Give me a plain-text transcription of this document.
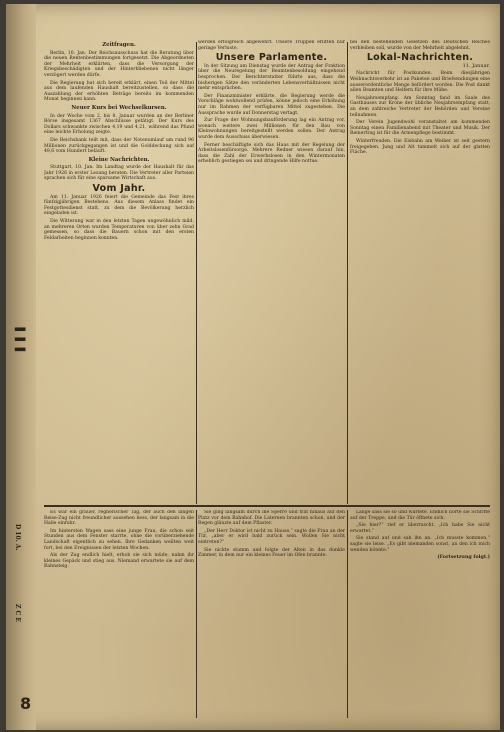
▐ ▐ ▐
D 10. A.
Z C E
8
Zeitfragen.

Berlin, 10. Jan. Der Reichsausschuss hat die Beratung über die neuen Rentenbestimmungen fortgesetzt. Die Abgeordneten der Mehrheit erklärten, dass die Versorgung der Kriegsbeschädigten und der Hinterbliebenen nicht länger verzögert werden dürfe.

Die Regierung hat sich bereit erklärt, einen Teil der Mittel aus dem laufenden Haushalt bereitzustellen, so dass die Auszahlung der erhöhten Beträge bereits im kommenden Monat beginnen kann.

Neuer Kurs bei Wechselkursen.

In der Woche vom 2. bis 8. Januar wurden an der Berliner Börse insgesamt 1367 Abschlüsse getätigt. Der Kurs des Dollars schwankte zwischen 4,19 und 4,21, während das Pfund eine leichte Erholung zeigte.

Die Reichsbank teilt mit, dass der Notenumlauf um rund 96 Millionen zurückgegangen ist und die Golddeckung sich auf 49,6 vom Hundert beläuft.

Kleine Nachrichten.

Stuttgart, 10. Jan. Im Landtag wurde der Haushalt für das Jahr 1926 in erster Lesung beraten. Die Vertreter aller Parteien sprachen sich für eine sparsame Wirtschaft aus.

Vom Jahr.

Am 11. Januar 1926 feiert die Gemeinde das Fest ihres fünfzigjährigen Bestehens. Aus diesem Anlass findet ein Festgottesdienst statt, zu dem die Bevölkerung herzlich eingeladen ist.

Die Witterung war in den letzten Tagen ungewöhnlich mild; an mehreren Orten wurden Temperaturen von über zehn Grad gemessen, so dass die Bauern schon mit den ersten Feldarbeiten beginnen konnten.

werden erfolgreich abgewehrt. Unsere Truppen erlitten nur geringe Verluste.

Unsere Parlamente.

In der Sitzung am Dienstag wurde der Antrag der Fraktion über die Neuregelung der Beamtenbesoldung eingehend besprochen. Der Berichterstatter führte aus, dass die bisherigen Sätze den veränderten Lebensverhältnissen nicht mehr entsprächen.

Der Finanzminister erklärte, die Regierung werde die Vorschläge wohlwollend prüfen, könne jedoch eine Erhöhung nur im Rahmen der verfügbaren Mittel zugestehen. Die Aussprache wurde auf Donnerstag vertagt.

Zur Frage der Wohnungsbauförderung lag ein Antrag vor, wonach weitere zwei Millionen für den Bau von Kleinwohnungen bereitgestellt werden sollen. Der Antrag wurde dem Ausschuss überwiesen.

Ferner beschäftigte sich das Haus mit der Regelung der Arbeitslosenfürsorge. Mehrere Redner wiesen darauf hin, dass die Zahl der Erwerbslosen in den Wintermonaten erheblich gestiegen sei und dringende Hilfe nottue.

bei den bestehenden Gesetzen des Deutschen Reiches verbleiben soll, wurde von der Mehrheit abgelehnt.

Lokal-Nachrichten.
11. Januar.

Nachricht für Postkunden. Beim diesjährigen Weihnachtsverkehr ist an Paketen und Briefsendungen eine ausserordentliche Menge befördert worden. Die Post dankt allen Beamten und Helfern für ihre Mühe.

Neujahrsempfang. Am Sonntag fand im Saale des Gasthauses zur Krone der übliche Neujahrsempfang statt, an dem zahlreiche Vertreter der Behörden und Vereine teilnahmen.

Der Verein Jugendwohl veranstaltet am kommenden Sonntag einen Familienabend mit Theater und Musik. Der Reinertrag ist für die Armenpflege bestimmt.

Winterfreuden. Die Eisbahn am Weiher ist seit gestern freigegeben. Jung und Alt tummelt sich auf der glatten Fläche.

Es war ein grauer, regnerischer Tag, der auch den langen Reise-Zug nicht freundlicher aussehen liess, der langsam in die Halle einfuhr.

Im hintersten Wagen sass eine junge Frau, die schon seit Stunden aus dem Fenster starrte, ohne die vorüberziehende Landschaft eigentlich zu sehen. Ihre Gedanken weilten weit fort, bei den Ereignissen der letzten Wochen.

Als der Zug endlich hielt, erhob sie sich müde, nahm ihr kleines Gepäck und stieg aus. Niemand erwartete sie auf dem Bahnsteig.

Sie ging langsam durch die Sperre und trat hinaus auf den Platz vor dem Bahnhof. Die Laternen brannten schon, und der Regen glänzte auf dem Pflaster.

„Der Herr Doktor ist nicht zu Hause,“ sagte die Frau an der Tür, „aber er wird bald zurück sein. Wollen Sie nicht eintreten?“

Sie nickte stumm und folgte der Alten in das dunkle Zimmer, in dem nur ein kleines Feuer im Ofen brannte.

Lange sass sie so und wartete. Endlich hörte sie Schritte auf der Treppe, und die Tür öffnete sich.

„Sie hier?“ rief er überrascht. „Ich habe Sie nicht erwartet.“

Sie stand auf und sah ihn an. „Ich musste kommen,“ sagte sie leise. „Es gibt niemanden sonst, an den ich mich wenden könnte.“

(Fortsetzung folgt.)
